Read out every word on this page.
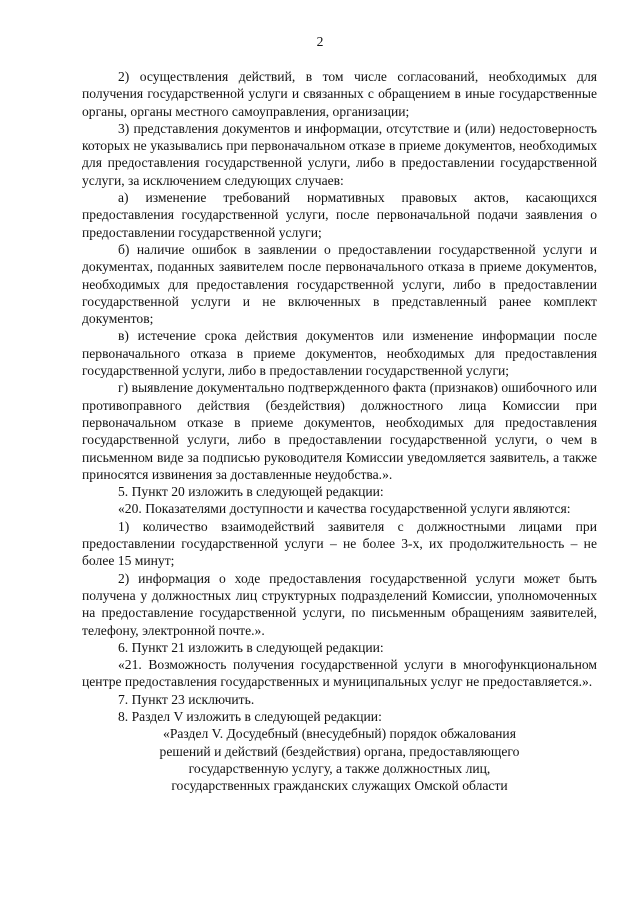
2

2) осуществления действий, в том числе согласований, необходимых для получения государственной услуги и связанных с обращением в иные государственные органы, органы местного самоуправления, организации;

3) представления документов и информации, отсутствие и (или) недостоверность которых не указывались при первоначальном отказе в приеме документов, необходимых для предоставления государственной услуги, либо в предоставлении государственной услуги, за исключением следующих случаев:

а) изменение требований нормативных правовых актов, касающихся предоставления государственной услуги, после первоначальной подачи заявления о предоставлении государственной услуги;

б) наличие ошибок в заявлении о предоставлении государственной услуги и документах, поданных заявителем после первоначального отказа в приеме документов, необходимых для предоставления государственной услуги, либо в предоставлении государственной услуги и не включенных в представленный ранее комплект документов;

в) истечение срока действия документов или изменение информации после первоначального отказа в приеме документов, необходимых для предоставления государственной услуги, либо в предоставлении государственной услуги;

г) выявление документально подтвержденного факта (признаков) ошибочного или противоправного действия (бездействия) должностного лица Комиссии при первоначальном отказе в приеме документов, необходимых для предоставления государственной услуги, либо в предоставлении государственной услуги, о чем в письменном виде за подписью руководителя Комиссии уведомляется заявитель, а также приносятся извинения за доставленные неудобства.».

5. Пункт 20 изложить в следующей редакции:

«20. Показателями доступности и качества государственной услуги являются:

1) количество взаимодействий заявителя с должностными лицами при предоставлении государственной услуги – не более 3-х, их продолжительность – не более 15 минут;

2) информация о ходе предоставления государственной услуги может быть получена у должностных лиц структурных подразделений Комиссии, уполномоченных на предоставление государственной услуги, по письменным обращениям заявителей, телефону, электронной почте.».

6. Пункт 21 изложить в следующей редакции:

«21. Возможность получения государственной услуги в многофункциональном центре предоставления государственных и муниципальных услуг не предоставляется.».

7. Пункт 23 исключить.

8. Раздел V изложить в следующей редакции:

«Раздел V. Досудебный (внесудебный) порядок обжалования

решений и действий (бездействия) органа, предоставляющего

государственную услугу, а также должностных лиц,

государственных гражданских служащих Омской области
